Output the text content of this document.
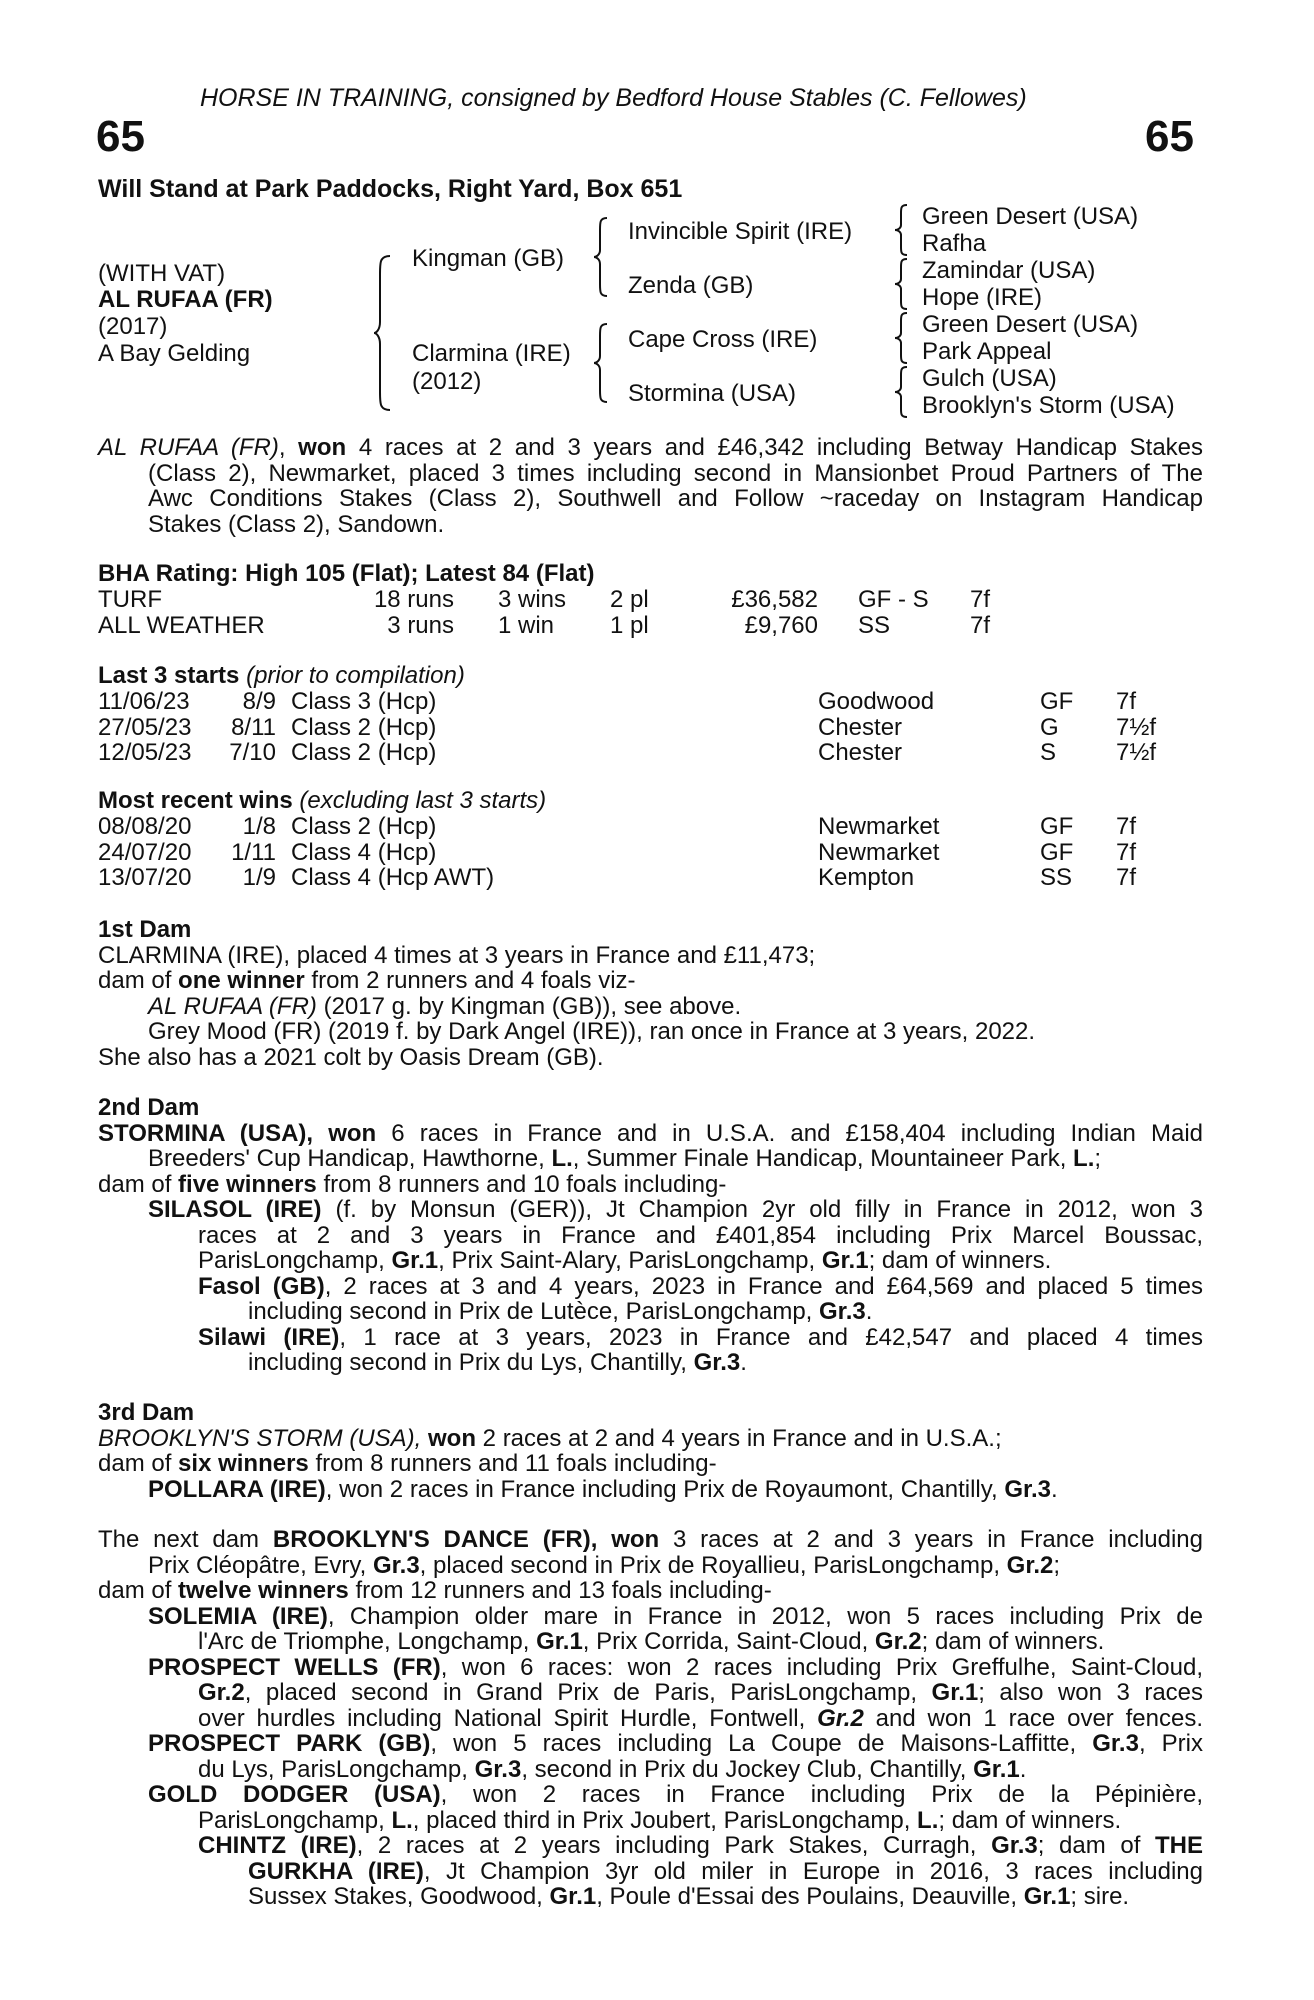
HORSE IN TRAINING, consigned by Bedford House Stables (C. Fellowes)
65	65
Will Stand at Park Paddocks, Right Yard, Box 651
(WITH VAT)
AL RUFAA (FR)
(2017)
A Bay Gelding
Kingman (GB)
Clarmina (IRE)
(2012)
Invincible Spirit (IRE)
Zenda (GB)
Cape Cross (IRE)
Stormina (USA)
Green Desert (USA)
Rafha
Zamindar (USA)
Hope (IRE)
Green Desert (USA)
Park Appeal
Gulch (USA)
Brooklyn's Storm (USA)
AL RUFAA (FR), won 4 races at 2 and 3 years and £46,342 including Betway Handicap Stakes
(Class 2), Newmarket, placed 3 times including second in Mansionbet Proud Partners of The
Awc Conditions Stakes (Class 2), Southwell and Follow ~raceday on Instagram Handicap
Stakes (Class 2), Sandown.
BHA Rating: High 105 (Flat); Latest 84 (Flat)
TURF	18 runs 3 wins 2 pl	£36,582 GF - S 7f
ALL WEATHER	3 runs 1 win 1 pl	£9,760 SS	7f
Last 3 starts (prior to compilation)
11/06/23	8/9 Class 3 (Hcp)	Goodwood	GF 7f
27/05/23	8/11 Class 2 (Hcp)	Chester	G 7½f
12/05/23	7/10 Class 2 (Hcp)	Chester	S 7½f
Most recent wins (excluding last 3 starts)
08/08/20	1/8 Class 2 (Hcp)	Newmarket	GF 7f
24/07/20	1/11 Class 4 (Hcp)	Newmarket	GF 7f
13/07/20	1/9 Class 4 (Hcp AWT)	Kempton	SS 7f
1st Dam
CLARMINA (IRE), placed 4 times at 3 years in France and £11,473;
dam of one winner from 2 runners and 4 foals viz-
AL RUFAA (FR) (2017 g. by Kingman (GB)), see above.
Grey Mood (FR) (2019 f. by Dark Angel (IRE)), ran once in France at 3 years, 2022.
She also has a 2021 colt by Oasis Dream (GB).
2nd Dam
STORMINA (USA), won 6 races in France and in U.S.A. and £158,404 including Indian Maid
Breeders' Cup Handicap, Hawthorne, L., Summer Finale Handicap, Mountaineer Park, L.;
dam of five winners from 8 runners and 10 foals including-
SILASOL (IRE) (f. by Monsun (GER)), Jt Champion 2yr old filly in France in 2012, won 3
races at 2 and 3 years in France and £401,854 including Prix Marcel Boussac,
ParisLongchamp, Gr.1, Prix Saint-Alary, ParisLongchamp, Gr.1; dam of winners.
Fasol (GB), 2 races at 3 and 4 years, 2023 in France and £64,569 and placed 5 times
including second in Prix de Lutèce, ParisLongchamp, Gr.3.
Silawi (IRE), 1 race at 3 years, 2023 in France and £42,547 and placed 4 times
including second in Prix du Lys, Chantilly, Gr.3.
3rd Dam
BROOKLYN'S STORM (USA), won 2 races at 2 and 4 years in France and in U.S.A.;
dam of six winners from 8 runners and 11 foals including-
POLLARA (IRE), won 2 races in France including Prix de Royaumont, Chantilly, Gr.3.
The next dam BROOKLYN'S DANCE (FR), won 3 races at 2 and 3 years in France including
Prix Cléopâtre, Evry, Gr.3, placed second in Prix de Royallieu, ParisLongchamp, Gr.2;
dam of twelve winners from 12 runners and 13 foals including-
SOLEMIA (IRE), Champion older mare in France in 2012, won 5 races including Prix de
l'Arc de Triomphe, Longchamp, Gr.1, Prix Corrida, Saint-Cloud, Gr.2; dam of winners.
PROSPECT WELLS (FR), won 6 races: won 2 races including Prix Greffulhe, Saint-Cloud,
Gr.2, placed second in Grand Prix de Paris, ParisLongchamp, Gr.1; also won 3 races
over hurdles including National Spirit Hurdle, Fontwell, Gr.2 and won 1 race over fences.
PROSPECT PARK (GB), won 5 races including La Coupe de Maisons-Laffitte, Gr.3, Prix
du Lys, ParisLongchamp, Gr.3, second in Prix du Jockey Club, Chantilly, Gr.1.
GOLD DODGER (USA), won 2 races in France including Prix de la Pépinière,
ParisLongchamp, L., placed third in Prix Joubert, ParisLongchamp, L.; dam of winners.
CHINTZ (IRE), 2 races at 2 years including Park Stakes, Curragh, Gr.3; dam of THE
GURKHA (IRE), Jt Champion 3yr old miler in Europe in 2016, 3 races including
Sussex Stakes, Goodwood, Gr.1, Poule d'Essai des Poulains, Deauville, Gr.1; sire.
